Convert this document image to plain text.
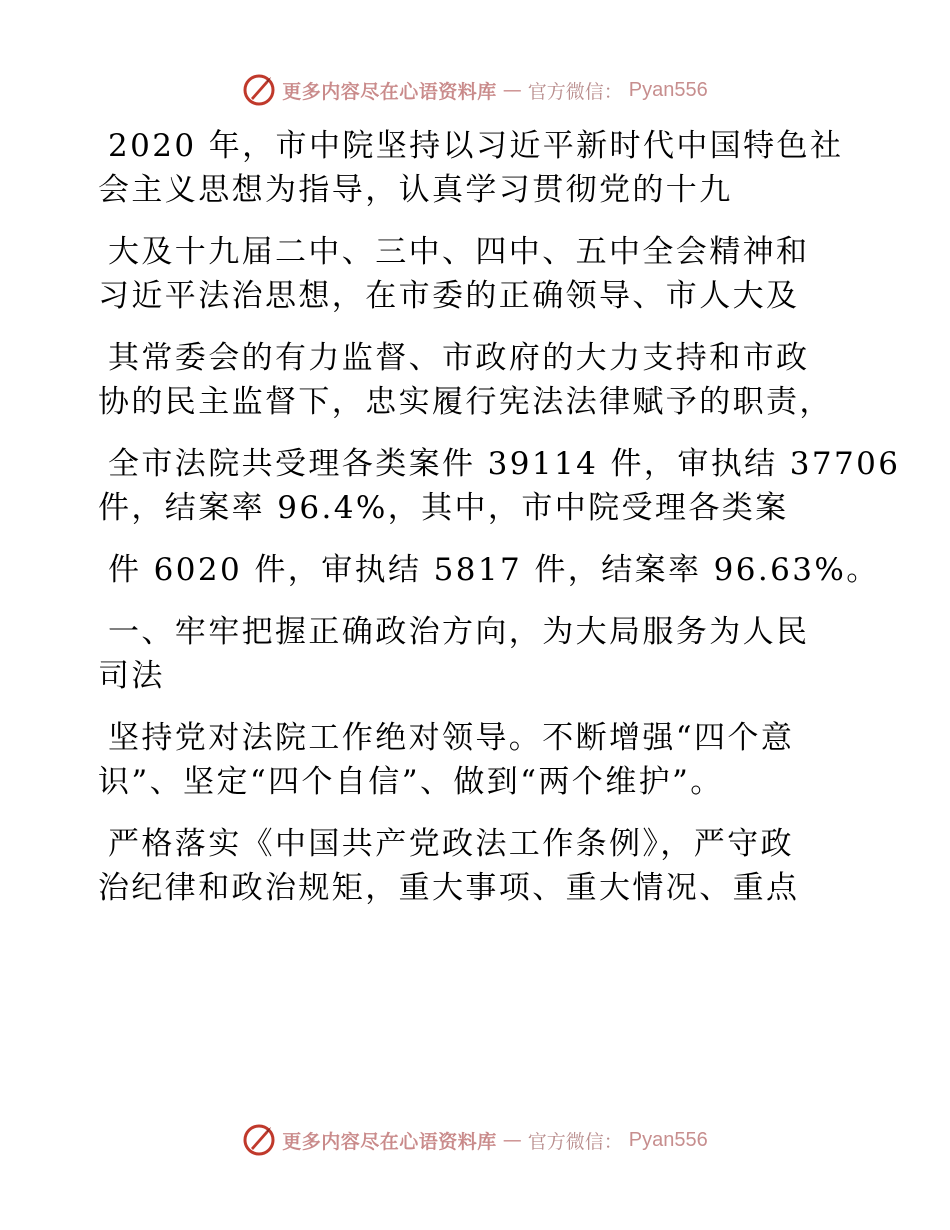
更多内容尽在心语资料库 — 官方微信： Pyan556
2020 年，市中院坚持以习近平新时代中国特色社
会主义思想为指导，认真学习贯彻党的十九
大及十九届二中、三中、四中、五中全会精神和
习近平法治思想，在市委的正确领导、市人大及
其常委会的有力监督、市政府的大力支持和市政
协的民主监督下，忠实履行宪法法律赋予的职责，
全市法院共受理各类案件 39114 件，审执结 37706
件，结案率 96.4%，其中，市中院受理各类案
件 6020 件，审执结 5817 件，结案率 96.63%。
一、牢牢把握正确政治方向，为大局服务为人民
司法
坚持党对法院工作绝对领导。不断增强“四个意
识”、坚定“四个自信”、做到“两个维护”。
严格落实《中国共产党政法工作条例》，严守政
治纪律和政治规矩，重大事项、重大情况、重点
更多内容尽在心语资料库 — 官方微信： Pyan556
